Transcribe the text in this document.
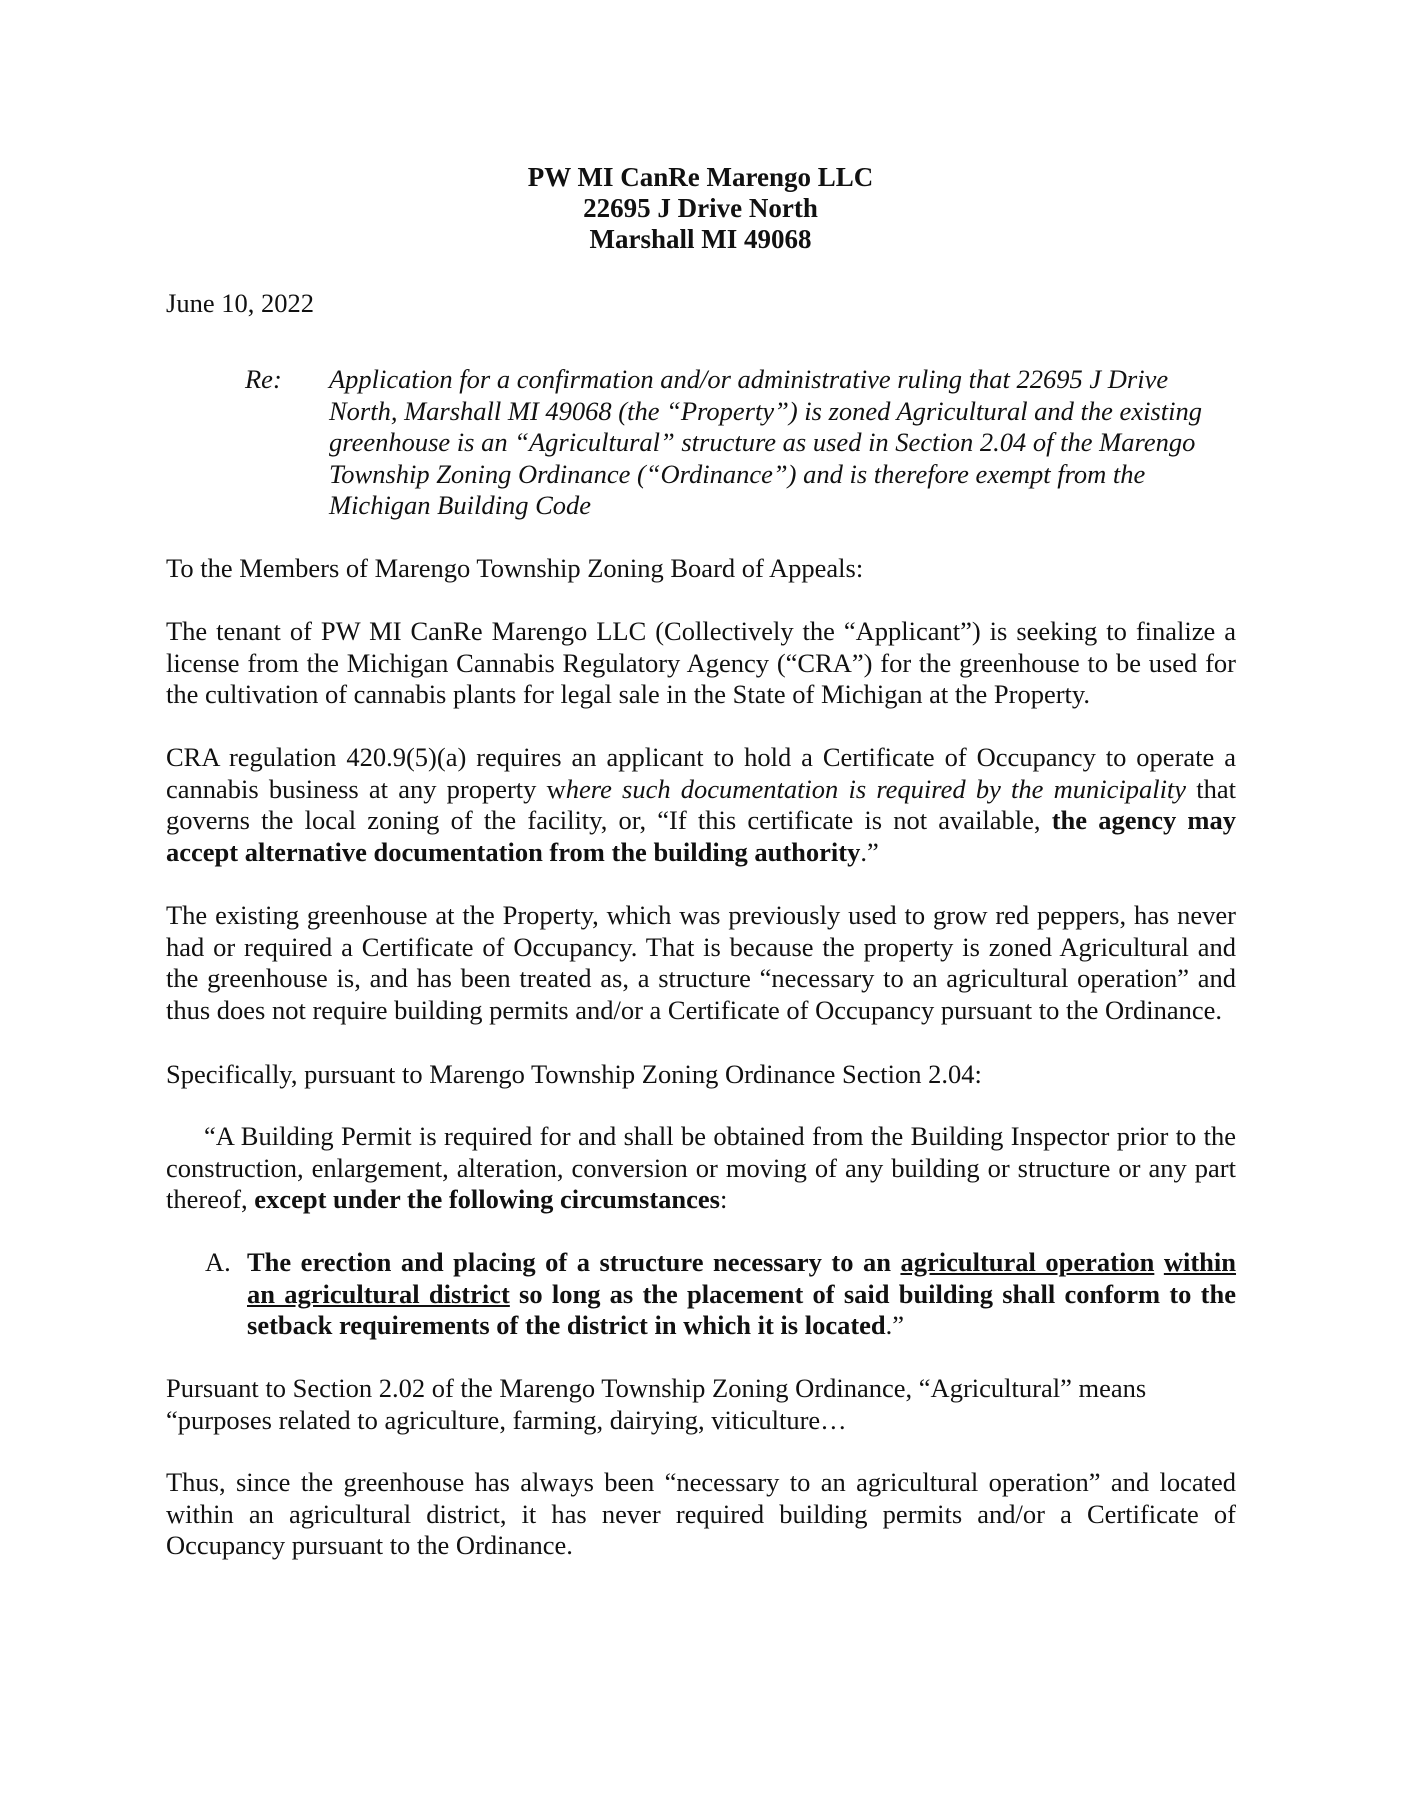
PW MI CanRe Marengo LLC
22695 J Drive North
Marshall MI 49068
June 10, 2022
Re: Application for a confirmation and/or administrative ruling that 22695 J Drive North, Marshall MI 49068 (the “Property”) is zoned Agricultural and the existing greenhouse is an “Agricultural” structure as used in Section 2.04 of the Marengo Township Zoning Ordinance (“Ordinance”) and is therefore exempt from the Michigan Building Code
To the Members of Marengo Township Zoning Board of Appeals:
The tenant of PW MI CanRe Marengo LLC (Collectively the “Applicant”) is seeking to finalize a license from the Michigan Cannabis Regulatory Agency (“CRA”) for the greenhouse to be used for the cultivation of cannabis plants for legal sale in the State of Michigan at the Property.
CRA regulation 420.9(5)(a) requires an applicant to hold a Certificate of Occupancy to operate a cannabis business at any property where such documentation is required by the municipality that governs the local zoning of the facility, or, “If this certificate is not available, the agency may accept alternative documentation from the building authority.”
The existing greenhouse at the Property, which was previously used to grow red peppers, has never had or required a Certificate of Occupancy. That is because the property is zoned Agricultural and the greenhouse is, and has been treated as, a structure “necessary to an agricultural operation” and thus does not require building permits and/or a Certificate of Occupancy pursuant to the Ordinance.
Specifically, pursuant to Marengo Township Zoning Ordinance Section 2.04:
“A Building Permit is required for and shall be obtained from the Building Inspector prior to the construction, enlargement, alteration, conversion or moving of any building or structure or any part thereof, except under the following circumstances:
A. The erection and placing of a structure necessary to an agricultural operation within an agricultural district so long as the placement of said building shall conform to the setback requirements of the district in which it is located.”
Pursuant to Section 2.02 of the Marengo Township Zoning Ordinance, “Agricultural” means
“purposes related to agriculture, farming, dairying, viticulture…
Thus, since the greenhouse has always been “necessary to an agricultural operation” and located within an agricultural district, it has never required building permits and/or a Certificate of Occupancy pursuant to the Ordinance.
